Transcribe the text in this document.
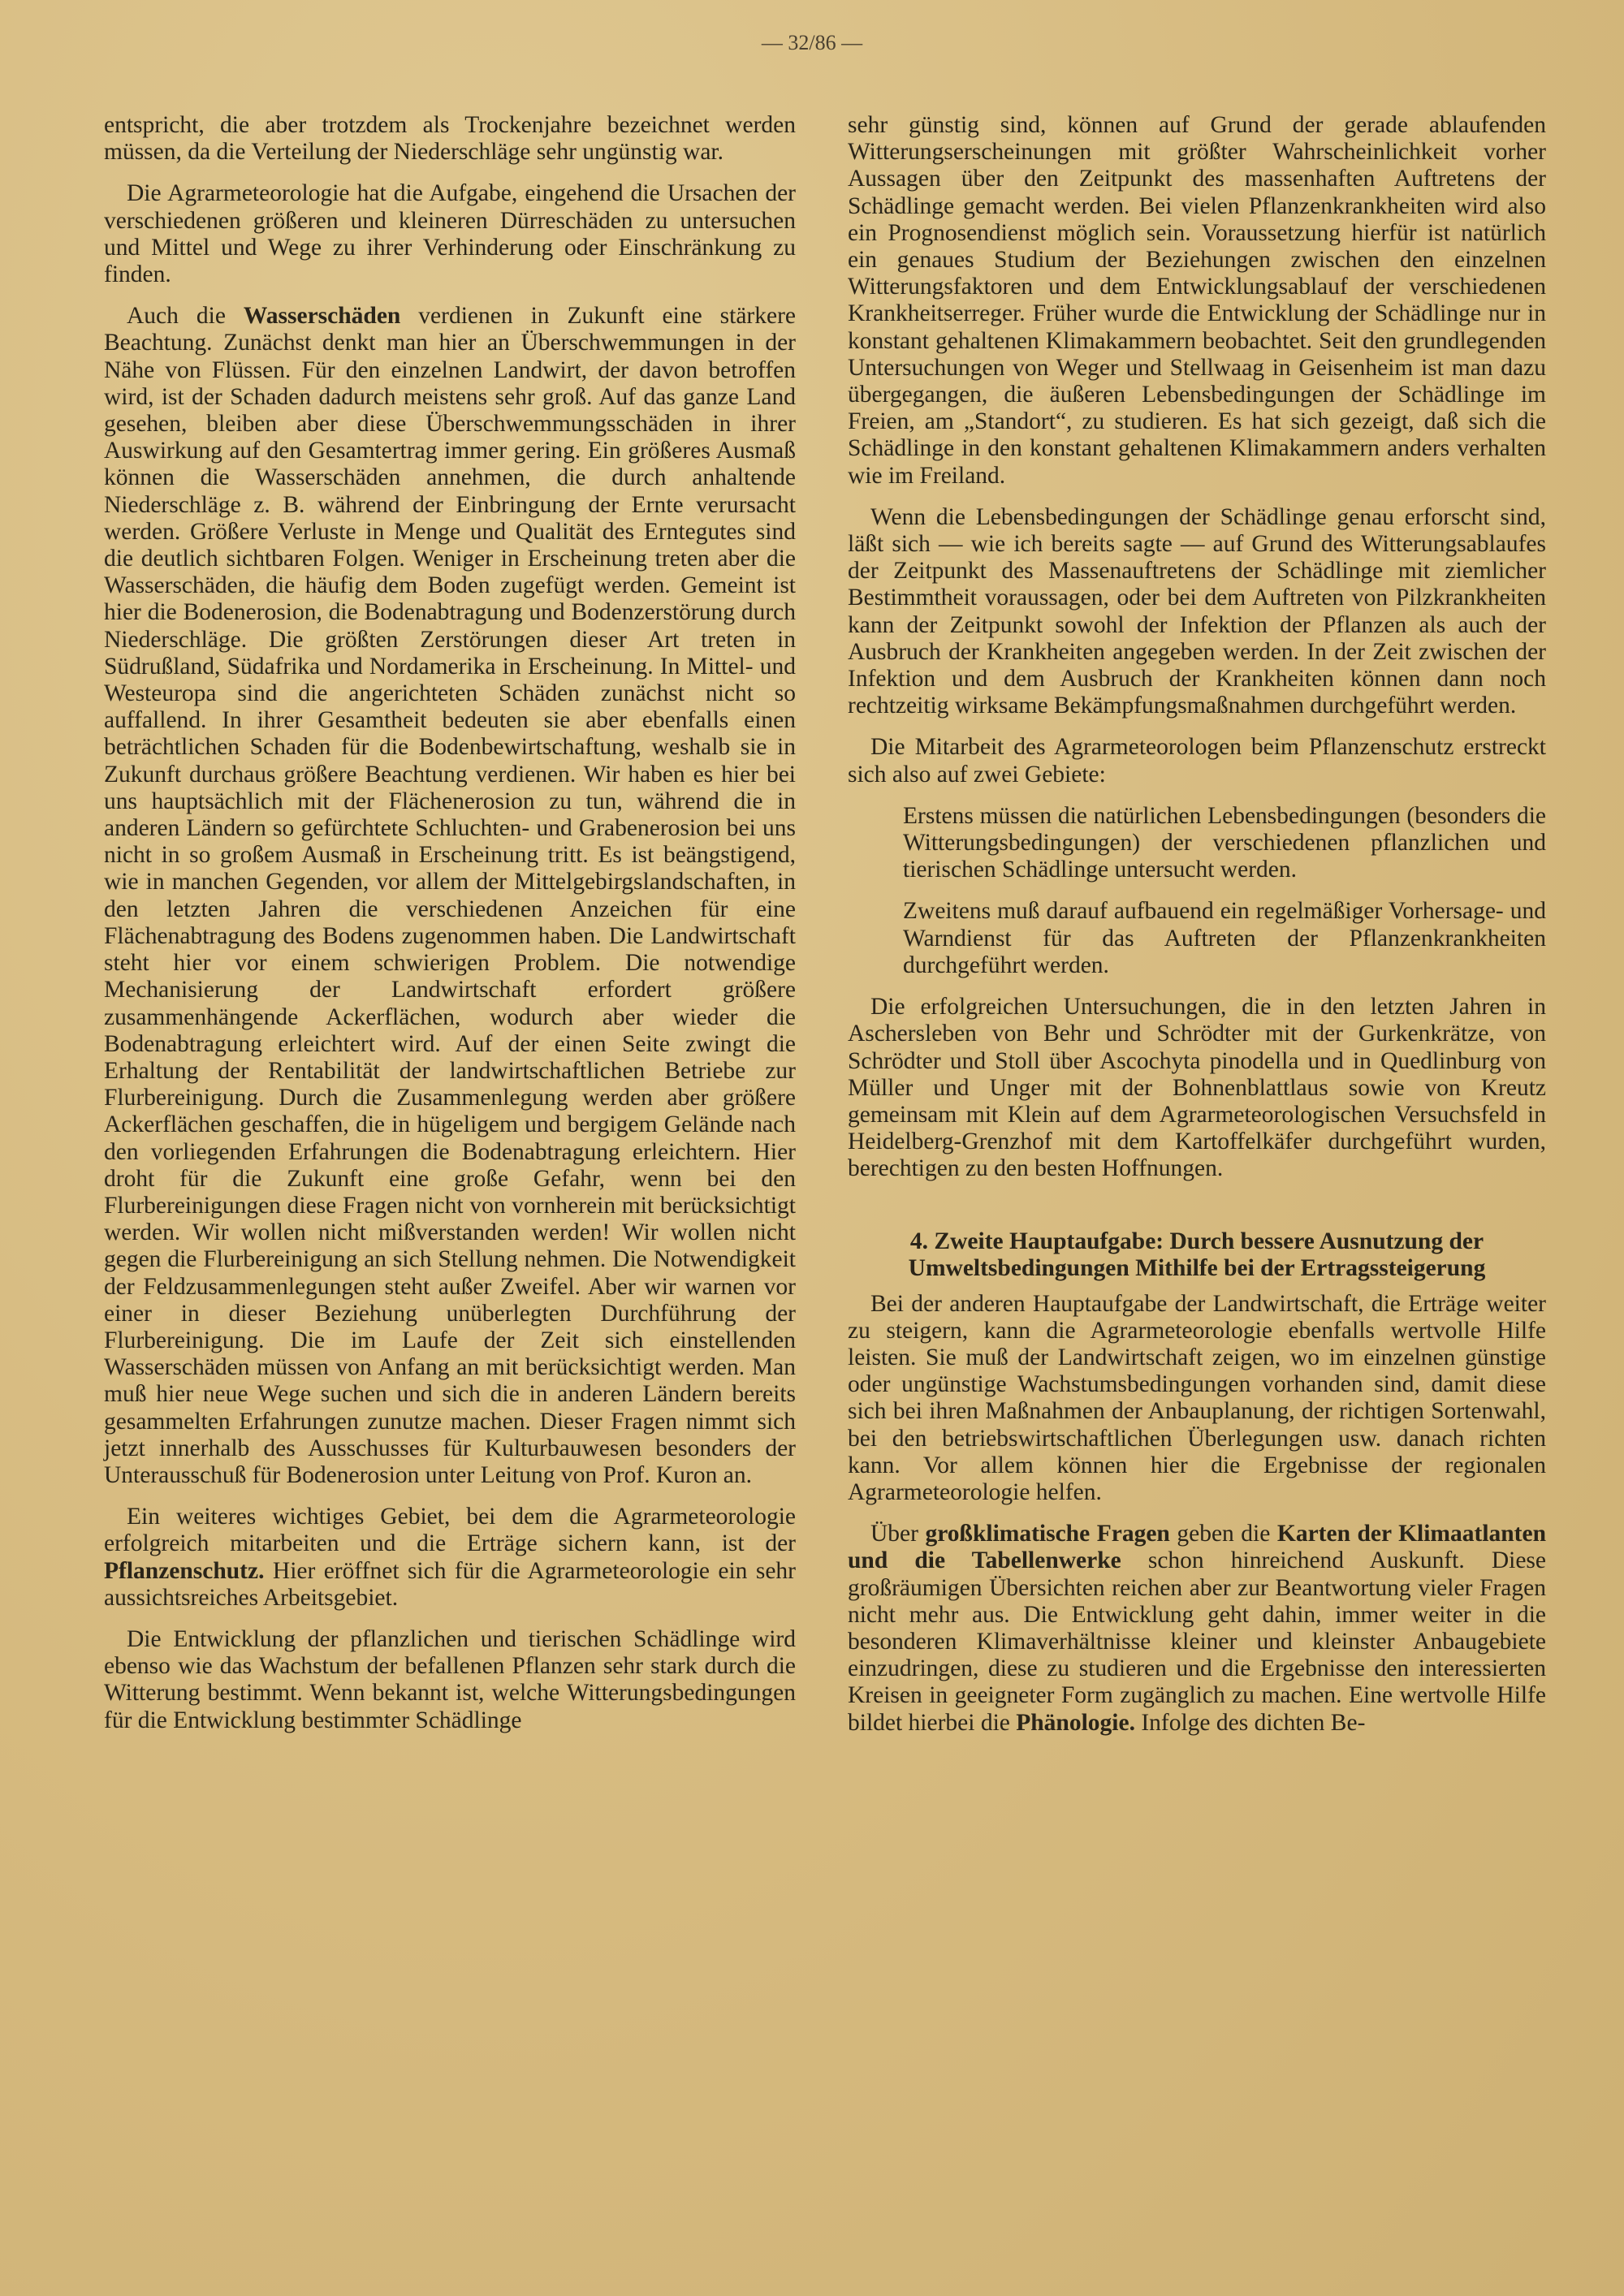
— 32/86 —

entspricht, die aber trotzdem als Trockenjahre bezeichnet werden müssen, da die Verteilung der Niederschläge sehr ungünstig war.

Die Agrarmeteorologie hat die Aufgabe, eingehend die Ursachen der verschiedenen größeren und kleineren Dürreschäden zu untersuchen und Mittel und Wege zu ihrer Verhinderung oder Einschränkung zu finden.

Auch die Wasserschäden verdienen in Zukunft eine stärkere Beachtung. Zunächst denkt man hier an Überschwemmungen in der Nähe von Flüssen. Für den einzelnen Landwirt, der davon betroffen wird, ist der Schaden dadurch meistens sehr groß. Auf das ganze Land gesehen, bleiben aber diese Überschwemmungsschäden in ihrer Auswirkung auf den Gesamtertrag immer gering. Ein größeres Ausmaß können die Wasserschäden annehmen, die durch anhaltende Niederschläge z. B. während der Einbringung der Ernte verursacht werden. Größere Verluste in Menge und Qualität des Erntegutes sind die deutlich sichtbaren Folgen. Weniger in Erscheinung treten aber die Wasserschäden, die häufig dem Boden zugefügt werden. Gemeint ist hier die Bodenerosion, die Bodenabtragung und Bodenzerstörung durch Niederschläge. Die größten Zerstörungen dieser Art treten in Südrußland, Südafrika und Nordamerika in Erscheinung. In Mittel- und Westeuropa sind die angerichteten Schäden zunächst nicht so auffallend. In ihrer Gesamtheit bedeuten sie aber ebenfalls einen beträchtlichen Schaden für die Bodenbewirtschaftung, weshalb sie in Zukunft durchaus größere Beachtung verdienen. Wir haben es hier bei uns hauptsächlich mit der Flächenerosion zu tun, während die in anderen Ländern so gefürchtete Schluchten- und Grabenerosion bei uns nicht in so großem Ausmaß in Erscheinung tritt. Es ist beängstigend, wie in manchen Gegenden, vor allem der Mittelgebirgslandschaften, in den letzten Jahren die verschiedenen Anzeichen für eine Flächenabtragung des Bodens zugenommen haben. Die Landwirtschaft steht hier vor einem schwierigen Problem. Die notwendige Mechanisierung der Landwirtschaft erfordert größere zusammenhängende Ackerflächen, wodurch aber wieder die Bodenabtragung erleichtert wird. Auf der einen Seite zwingt die Erhaltung der Rentabilität der landwirtschaftlichen Betriebe zur Flurbereinigung. Durch die Zusammenlegung werden aber größere Ackerflächen geschaffen, die in hügeligem und bergigem Gelände nach den vorliegenden Erfahrungen die Bodenabtragung erleichtern. Hier droht für die Zukunft eine große Gefahr, wenn bei den Flurbereinigungen diese Fragen nicht von vornherein mit berücksichtigt werden. Wir wollen nicht mißverstanden werden! Wir wollen nicht gegen die Flurbereinigung an sich Stellung nehmen. Die Notwendigkeit der Feldzusammenlegungen steht außer Zweifel. Aber wir warnen vor einer in dieser Beziehung unüberlegten Durchführung der Flurbereinigung. Die im Laufe der Zeit sich einstellenden Wasserschäden müssen von Anfang an mit berücksichtigt werden. Man muß hier neue Wege suchen und sich die in anderen Ländern bereits gesammelten Erfahrungen zunutze machen. Dieser Fragen nimmt sich jetzt innerhalb des Ausschusses für Kulturbauwesen besonders der Unterausschuß für Bodenerosion unter Leitung von Prof. Kuron an.

Ein weiteres wichtiges Gebiet, bei dem die Agrarmeteorologie erfolgreich mitarbeiten und die Erträge sichern kann, ist der Pflanzenschutz. Hier eröffnet sich für die Agrarmeteorologie ein sehr aussichtsreiches Arbeitsgebiet.

Die Entwicklung der pflanzlichen und tierischen Schädlinge wird ebenso wie das Wachstum der befallenen Pflanzen sehr stark durch die Witterung bestimmt. Wenn bekannt ist, welche Witterungsbedingungen für die Entwicklung bestimmter Schädlinge

sehr günstig sind, können auf Grund der gerade ablaufenden Witterungserscheinungen mit größter Wahrscheinlichkeit vorher Aussagen über den Zeitpunkt des massenhaften Auftretens der Schädlinge gemacht werden. Bei vielen Pflanzenkrankheiten wird also ein Prognosendienst möglich sein. Voraussetzung hierfür ist natürlich ein genaues Studium der Beziehungen zwischen den einzelnen Witterungsfaktoren und dem Entwicklungsablauf der verschiedenen Krankheitserreger. Früher wurde die Entwicklung der Schädlinge nur in konstant gehaltenen Klimakammern beobachtet. Seit den grundlegenden Untersuchungen von Weger und Stellwaag in Geisenheim ist man dazu übergegangen, die äußeren Lebensbedingungen der Schädlinge im Freien, am „Standort“, zu studieren. Es hat sich gezeigt, daß sich die Schädlinge in den konstant gehaltenen Klimakammern anders verhalten wie im Freiland.

Wenn die Lebensbedingungen der Schädlinge genau erforscht sind, läßt sich — wie ich bereits sagte — auf Grund des Witterungsablaufes der Zeitpunkt des Massenauftretens der Schädlinge mit ziemlicher Bestimmtheit voraussagen, oder bei dem Auftreten von Pilzkrankheiten kann der Zeitpunkt sowohl der Infektion der Pflanzen als auch der Ausbruch der Krankheiten angegeben werden. In der Zeit zwischen der Infektion und dem Ausbruch der Krankheiten können dann noch rechtzeitig wirksame Bekämpfungsmaßnahmen durchgeführt werden.

Die Mitarbeit des Agrarmeteorologen beim Pflanzenschutz erstreckt sich also auf zwei Gebiete:

Erstens müssen die natürlichen Lebensbedingungen (besonders die Witterungsbedingungen) der verschiedenen pflanzlichen und tierischen Schädlinge untersucht werden.

Zweitens muß darauf aufbauend ein regelmäßiger Vorhersage- und Warndienst für das Auftreten der Pflanzenkrankheiten durchgeführt werden.

Die erfolgreichen Untersuchungen, die in den letzten Jahren in Aschersleben von Behr und Schrödter mit der Gurkenkrätze, von Schrödter und Stoll über Ascochyta pinodella und in Quedlinburg von Müller und Unger mit der Bohnenblattlaus sowie von Kreutz gemeinsam mit Klein auf dem Agrarmeteorologischen Versuchsfeld in Heidelberg-Grenzhof mit dem Kartoffelkäfer durchgeführt wurden, berechtigen zu den besten Hoffnungen.

4. Zweite Hauptaufgabe: Durch bessere Ausnutzung der Umweltsbedingungen Mithilfe bei der Ertragssteigerung

Bei der anderen Hauptaufgabe der Landwirtschaft, die Erträge weiter zu steigern, kann die Agrarmeteorologie ebenfalls wertvolle Hilfe leisten. Sie muß der Landwirtschaft zeigen, wo im einzelnen günstige oder ungünstige Wachstumsbedingungen vorhanden sind, damit diese sich bei ihren Maßnahmen der Anbauplanung, der richtigen Sortenwahl, bei den betriebswirtschaftlichen Überlegungen usw. danach richten kann. Vor allem können hier die Ergebnisse der regionalen Agrarmeteorologie helfen.

Über großklimatische Fragen geben die Karten der Klimaatlanten und die Tabellenwerke schon hinreichend Auskunft. Diese großräumigen Übersichten reichen aber zur Beantwortung vieler Fragen nicht mehr aus. Die Entwicklung geht dahin, immer weiter in die besonderen Klimaverhältnisse kleiner und kleinster Anbaugebiete einzudringen, diese zu studieren und die Ergebnisse den interessierten Kreisen in geeigneter Form zugänglich zu machen. Eine wertvolle Hilfe bildet hierbei die Phänologie. Infolge des dichten Be-
